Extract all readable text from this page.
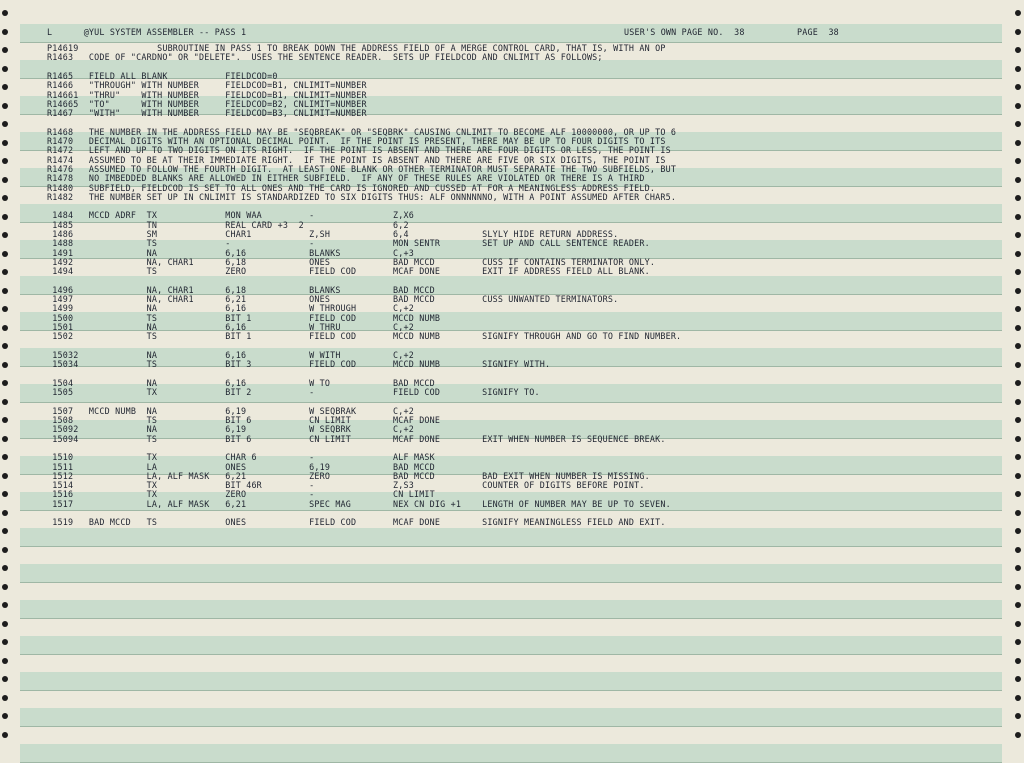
L      @YUL SYSTEM ASSEMBLER -- PASS 1	USER'S OWN PAGE NO.  38          PAGE  38
P14619               SUBROUTINE IN PASS 1 TO BREAK DOWN THE ADDRESS FIELD OF A MERGE CONTROL CARD, THAT IS, WITH AN OP
R1463   CODE OF "CARDNO" OR "DELETE".  USES THE SENTENCE READER.  SETS UP FIELDCOD AND CNLIMIT AS FOLLOWS;
R1465   FIELD ALL BLANK           FIELDCOD=0
R1466   "THROUGH" WITH NUMBER     FIELDCOD=B1, CNLIMIT=NUMBER
R14661  "THRU"    WITH NUMBER     FIELDCOD=B1, CNLIMIT=NUMBER
R14665  "TO"      WITH NUMBER     FIELDCOD=B2, CNLIMIT=NUMBER
R1467   "WITH"    WITH NUMBER     FIELDCOD=B3, CNLIMIT=NUMBER
R1468   THE NUMBER IN THE ADDRESS FIELD MAY BE "SEQBREAK" OR "SEQBRK" CAUSING CNLIMIT TO BECOME ALF 10000000, OR UP TO 6
R1470   DECIMAL DIGITS WITH AN OPTIONAL DECIMAL POINT.  IF THE POINT IS PRESENT, THERE MAY BE UP TO FOUR DIGITS TO ITS
R1472   LEFT AND UP TO TWO DIGITS ON ITS RIGHT.  IF THE POINT IS ABSENT AND THERE ARE FOUR DIGITS OR LESS, THE POINT IS
R1474   ASSUMED TO BE AT THEIR IMMEDIATE RIGHT.  IF THE POINT IS ABSENT AND THERE ARE FIVE OR SIX DIGITS, THE POINT IS
R1476   ASSUMED TO FOLLOW THE FOURTH DIGIT.  AT LEAST ONE BLANK OR OTHER TERMINATOR MUST SEPARATE THE TWO SUBFIELDS, BUT
R1478   NO IMBEDDED BLANKS ARE ALLOWED IN EITHER SUBFIELD.  IF ANY OF THESE RULES ARE VIOLATED OR THERE IS A THIRD
R1480   SUBFIELD, FIELDCOD IS SET TO ALL ONES AND THE CARD IS IGNORED AND CUSSED AT FOR A MEANINGLESS ADDRESS FIELD.
R1482   THE NUMBER SET UP IN CNLIMIT IS STANDARDIZED TO SIX DIGITS THUS: ALF ONNNNNNO, WITH A POINT ASSUMED AFTER CHAR5.
1484   MCCD ADRF  TX             MON WAA         -               Z,X6
1485              TN             REAL CARD +3  2                 6,2
1486              SM             CHAR1           Z,SH            6,4              SLYLY HIDE RETURN ADDRESS.
1488              TS             -               -               MON SENTR        SET UP AND CALL SENTENCE READER.
1491              NA             6,16            BLANKS          C,+3
1492              NA, CHAR1      6,18            ONES            BAD MCCD         CUSS IF CONTAINS TERMINATOR ONLY.
1494              TS             ZERO            FIELD COD       MCAF DONE        EXIT IF ADDRESS FIELD ALL BLANK.
1496              NA, CHAR1      6,18            BLANKS          BAD MCCD
1497              NA, CHAR1      6,21            ONES            BAD MCCD         CUSS UNWANTED TERMINATORS.
1499              NA             6,16            W THROUGH       C,+2
1500              TS             BIT 1           FIELD COD       MCCD NUMB
1501              NA             6,16            W THRU          C,+2
1502              TS             BIT 1           FIELD COD       MCCD NUMB        SIGNIFY THROUGH AND GO TO FIND NUMBER.
15032             NA             6,16            W WITH          C,+2
15034             TS             BIT 3           FIELD COD       MCCD NUMB        SIGNIFY WITH.
1504              NA             6,16            W TO            BAD MCCD
1505              TX             BIT 2           -               FIELD COD        SIGNIFY TO.
1507   MCCD NUMB  NA             6,19            W SEQBRAK       C,+2
1508              TS             BIT 6           CN LIMIT        MCAF DONE
15092             NA             6,19            W SEQBRK        C,+2
15094             TS             BIT 6           CN LIMIT        MCAF DONE        EXIT WHEN NUMBER IS SEQUENCE BREAK.
1510              TX             CHAR 6          -               ALF MASK
1511              LA             ONES            6,19            BAD MCCD
1512              LA, ALF MASK   6,21            ZERO            BAD MCCD         BAD EXIT WHEN NUMBER IS MISSING.
1514              TX             BIT 46R         -               Z,S3             COUNTER OF DIGITS BEFORE POINT.
1516              TX             ZERO            -               CN LIMIT
1517              LA, ALF MASK   6,21            SPEC MAG        NEX CN DIG +1    LENGTH OF NUMBER MAY BE UP TO SEVEN.
1519   BAD MCCD   TS             ONES            FIELD COD       MCAF DONE        SIGNIFY MEANINGLESS FIELD AND EXIT.
